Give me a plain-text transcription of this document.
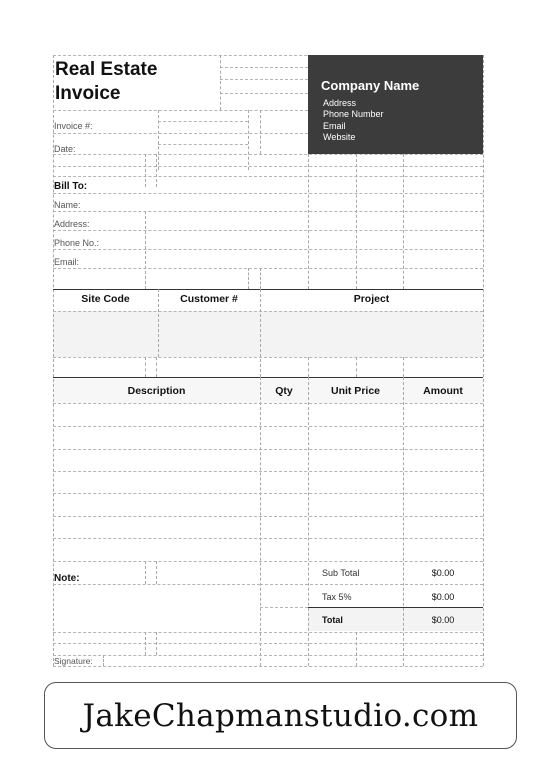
Company Name
Address
Phone Number
Email
Website
Real Estate
Invoice
Invoice #:
Date:
Bill To:
Name:
Address:
Phone No.:
Email:
Site Code	Customer #	Project
Description	Qty	Unit Price	Amount
Note:	Sub Total	$0.00
Tax 5%	$0.00
Total	$0.00
Signature:
JakeChapmanstudio.com
